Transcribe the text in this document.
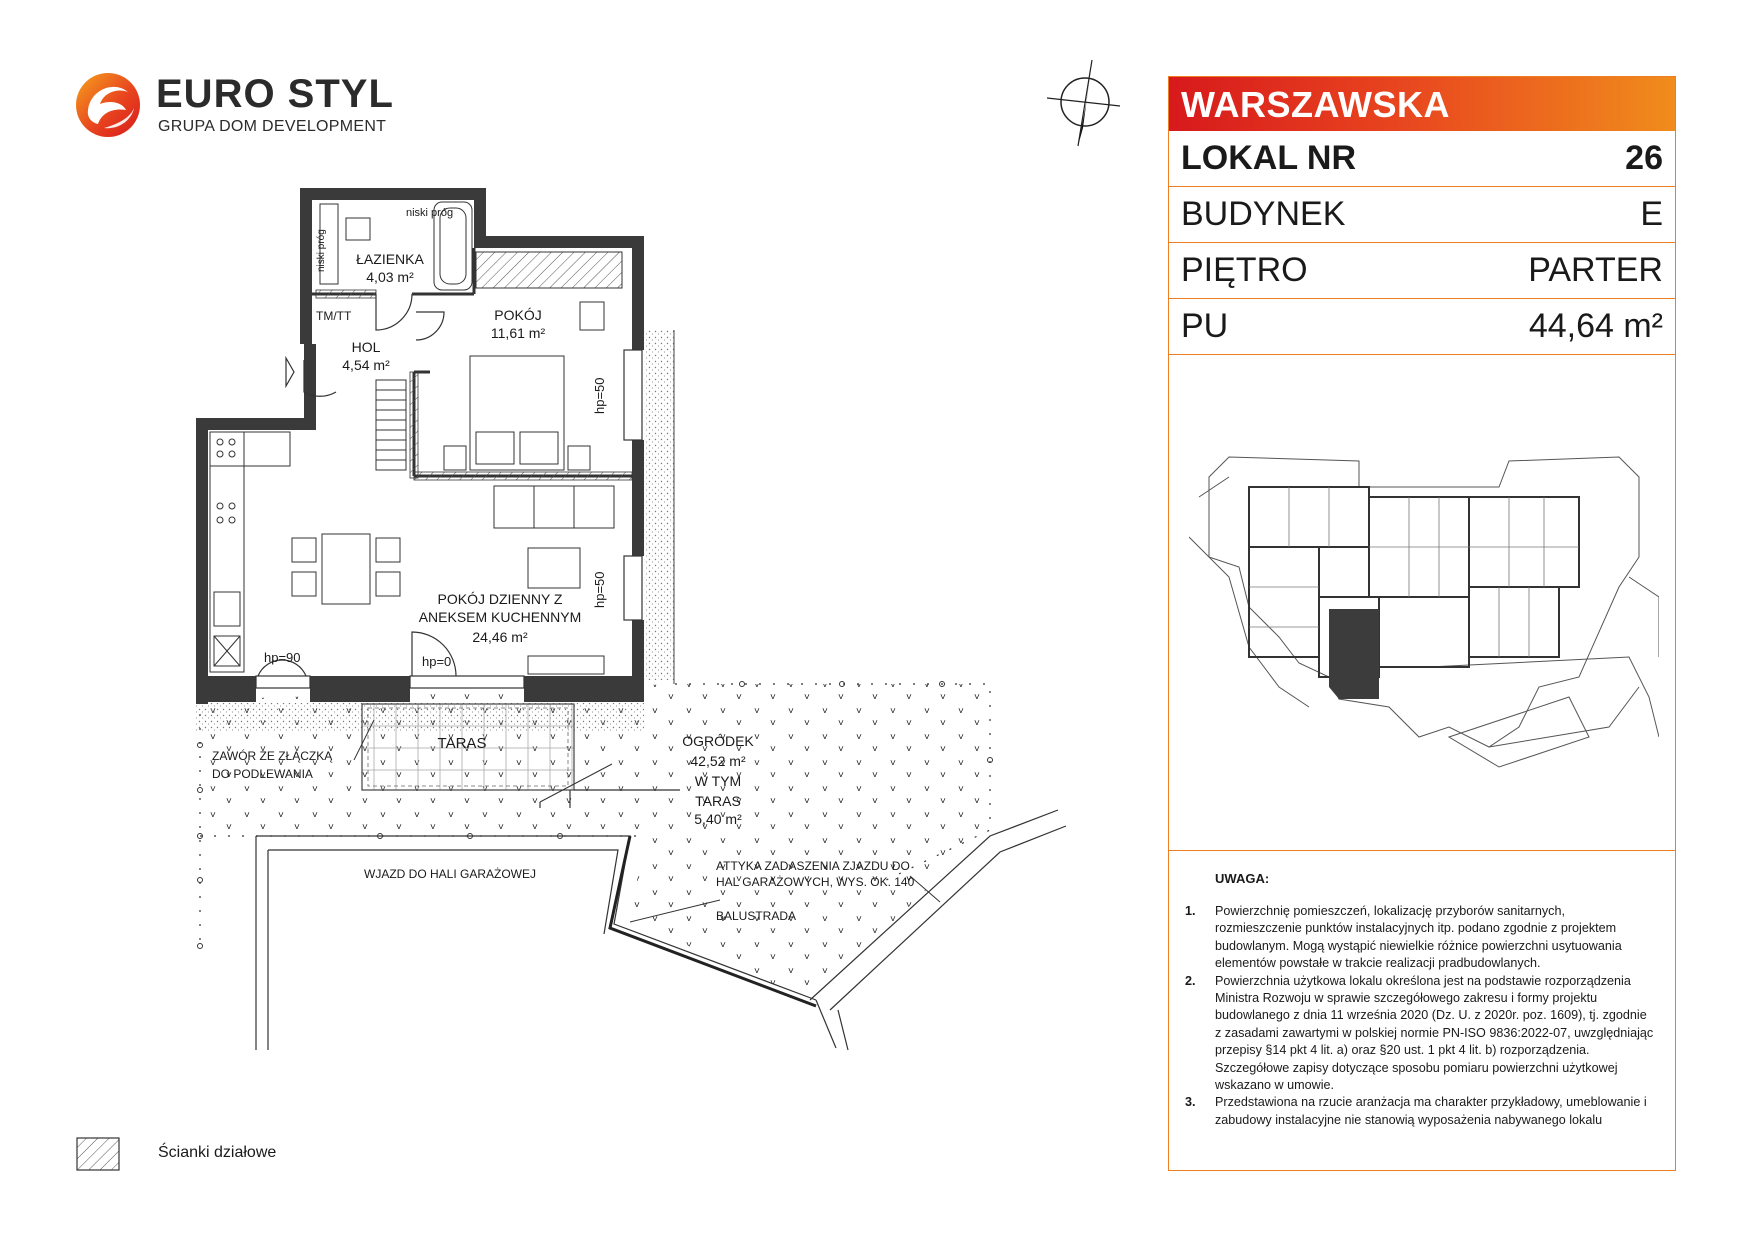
EURO STYL
GRUPA DOM DEVELOPMENT
ŁAZIENKA
4,03 m²
HOL
4,54 m²
POKÓJ
11,61 m²
POKÓJ DZIENNY Z
ANEKSEM KUCHENNYM
24,46 m²
TARAS
TM/TT
niski próg
niski próg
hp=50
hp=50
hp=90	hp=0
OGRÓDEK
42,52 m²
W TYM
TARAS
5,40 m²
ZAWÓR ZE ZŁĄCZKĄ
DO PODLEWANIA
WJAZD DO HALI GARAŻOWEJ
ATTYKA ZADASZENIA ZJAZDU DO
HAL GARAŻOWYCH, WYS. OK. 140
BALUSTRADA
WARSZAWSKA
LOKAL NR	26
BUDYNEK	E
PIĘTRO	PARTER
PU	44,64 m²
UWAGA:
1.	Powierzchnię pomieszczeń, lokalizację przyborów sanitarnych, rozmieszczenie punktów instalacyjnych itp. podano zgodnie z projektem budowlanym. Mogą wystąpić niewielkie różnice powierzchni usytuowania elementów powstałe w trakcie realizacji pradbudowlanych.
2.	Powierzchnia użytkowa lokalu określona jest na podstawie rozporządzenia Ministra Rozwoju w sprawie szczegółowego zakresu i formy projektu budowlanego z dnia 11 września 2020 (Dz. U. z 2020r. poz. 1609), tj. zgodnie z zasadami zawartymi w polskiej normie PN-ISO 9836:2022-07, uwzględniając przepisy §14 pkt 4 lit. a) oraz §20 ust. 1 pkt 4 lit. b) rozporządzenia. Szczegółowe zapisy dotyczące sposobu pomiaru powierzchni użytkowej wskazano w umowie.
3.	Przedstawiona na rzucie aranżacja ma charakter przykładowy, umeblowanie i zabudowy instalacyjne nie stanowią wyposażenia nabywanego lokalu
Ścianki działowe
